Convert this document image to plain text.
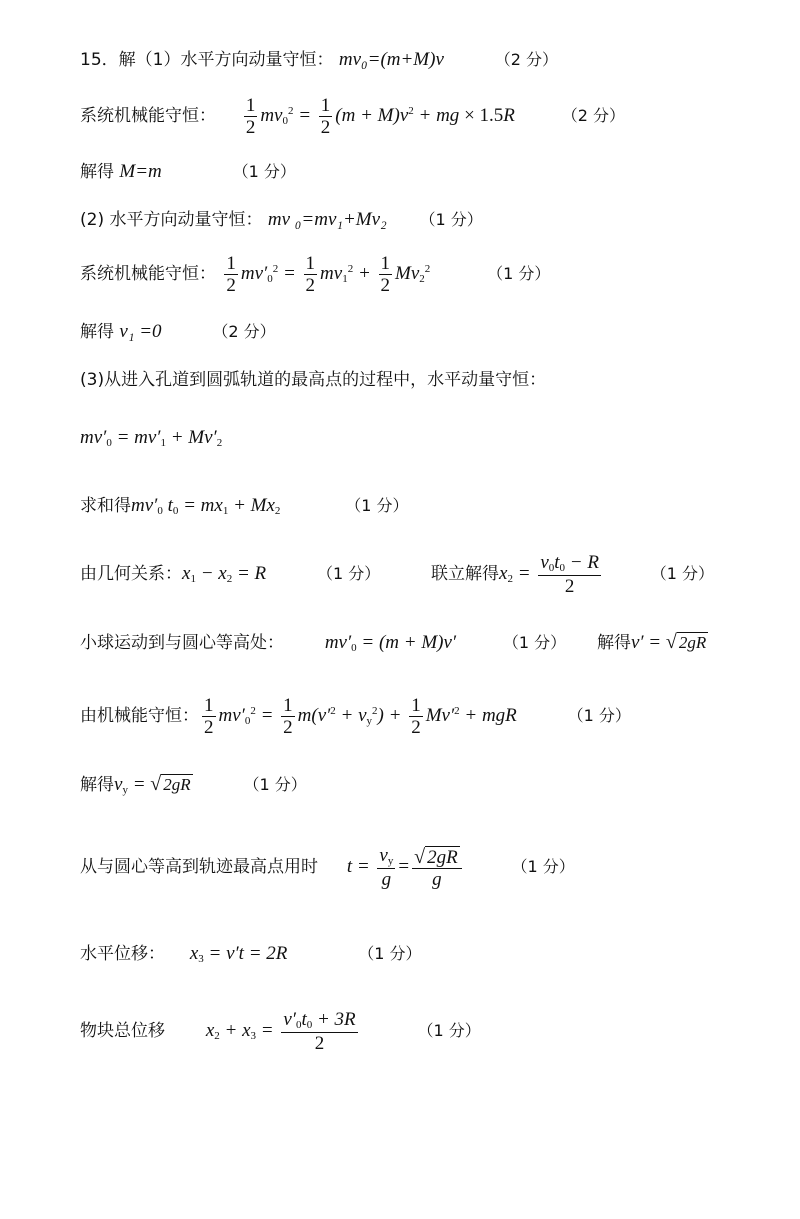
15．解（1）水平方向动量守恒： mv₀=(m+M)v	（2 分）
系统机械能守恒： $\frac{1}{2} mv_0^2 = \frac{1}{2} (m + M)v^2$ + mg × 1.5R	（2 分）
解得 M=m	（1 分）
(2) 水平方向动量守恒： mv ₀=mv₁+Mv₂ （1 分）
系统机械能守恒： $\frac{1}{2} mv'_0^2 = \frac{1}{2} mv_1^2 + \frac{1}{2} Mv_2^2$	（1 分）
解得 v₁ =0	（2 分）
(3)从进入孔道到圆弧轨道的最高点的过程中，水平动量守恒：
$mv'_0 = mv'_1 + Mv'_2$
求和得$mv'_0$ $t_0 = mx_1 + Mx_2$	（1 分）
由几何关系：$x_1 - x_2 = R$	（1 分）	联立解得$x_2 = \frac{v_0t_0 - R}{2}$	（1 分）
小球运动到与圆心等高处： $mv'_0 = (m + M)v'$	（1 分） 解得v′ = √ 2gR
由机械能守恒： $\frac{1}{2} mv'_0^2 = \frac{1}{2} m(v'^2 + v_y^2) + \frac{1}{2} Mv'^2$ + mgR	（1 分）
解得$v_y$ = √ 2gR	（1 分）
从与圆心等高到轨迹最高点用时 $t = \frac{v_y}{g} = \frac{√ 2gR}{g}$	（1 分）
水平位移： $x_3 = v't = 2R$	（1 分）
物块总位移 $x_2 + x_3 = \frac{v'_0t_0 + 3R}{2}$	（1 分）
